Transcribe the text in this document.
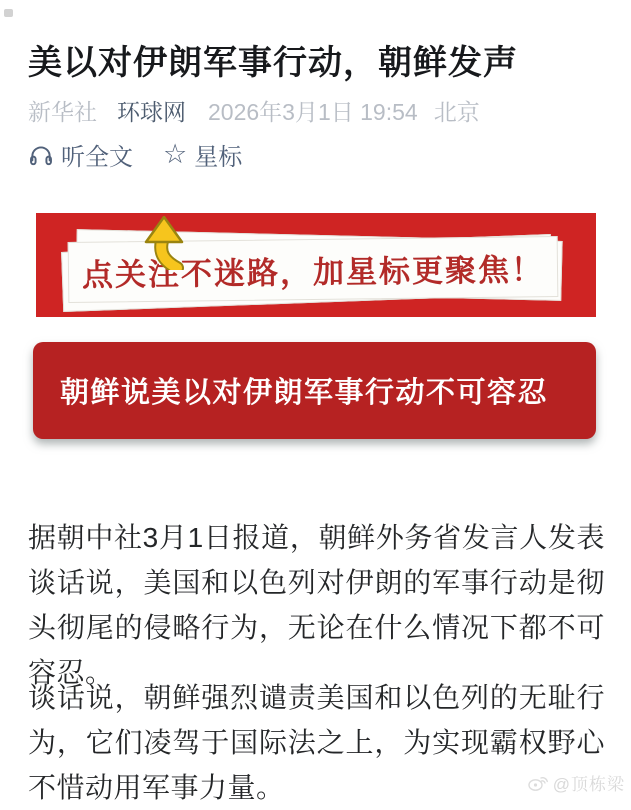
美以对伊朗军事行动，朝鲜发声
新华社 环球网 2026年3月1日 19:54 北京
听全文 ☆ 星标
点关注不迷路，加星标更聚焦！
朝鲜说美以对伊朗军事行动不可容忍

据朝中社3月1日报道，朝鲜外务省发言人发表谈话说，美国和以色列对伊朗的军事行动是彻头彻尾的侵略行为，无论在什么情况下都不可容忍。

谈话说，朝鲜强烈谴责美国和以色列的无耻行为，它们凌驾于国际法之上，为实现霸权野心不惜动用军事力量。	@顶栋梁
